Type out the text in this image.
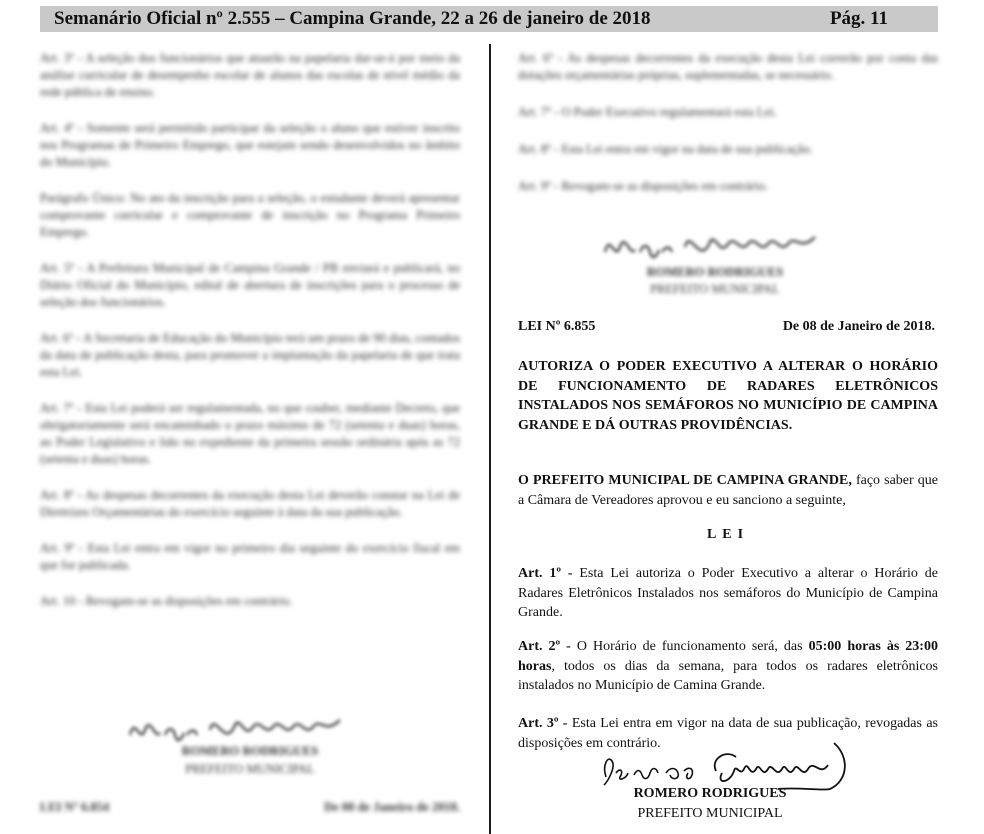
Semanário Oficial nº 2.555 – Campina Grande, 22 a 26 de janeiro de 2018	Pág. 11

Art. 3º - A seleção dos funcionários que atuarão na papelaria dar-se-á por meio da análise curricular de desempenho escolar de alunos das escolas de nível médio da rede pública de ensino.

Art. 4º - Somente será permitido participar da seleção o aluno que estiver inscrito nos Programas de Primeiro Emprego, que estejam sendo desenvolvidos no âmbito do Município.

Parágrafo Único: No ato da inscrição para a seleção, o estudante deverá apresentar comprovante curricular e comprovante de inscrição no Programa Primeiro Emprego.

Art. 5º - A Prefeitura Municipal de Campina Grande / PB enviará e publicará, no Diário Oficial do Município, edital de abertura de inscrições para o processo de seleção dos funcionários.

Art. 6º - A Secretaria de Educação do Município terá um prazo de 90 dias, contados da data de publicação desta, para promover a implantação da papelaria de que trata esta Lei.

Art. 7º - Esta Lei poderá ser regulamentada, no que couber, mediante Decreto, que obrigatoriamente será encaminhado o prazo máximo de 72 (setenta e duas) horas, ao Poder Legislativo e lido no expediente da primeira sessão ordinária após as 72 (setenta e duas) horas.

Art. 8º - As despesas decorrentes da execução desta Lei deverão constar na Lei de Diretrizes Orçamentárias do exercício seguinte à data da sua publicação.

Art. 9º - Esta Lei entra em vigor no primeiro dia seguinte do exercício fiscal em que for publicada.

Art. 10 - Revogam-se as disposições em contrário.

ROMERO RODRIGUES
PREFEITO MUNICIPAL
LEI Nº 6.854	De 08 de Janeiro de 2018.

Art. 6º - As despesas decorrentes da execução desta Lei correrão por conta das dotações orçamentárias próprias, suplementadas, se necessário.

Art. 7º - O Poder Executivo regulamentará esta Lei.

Art. 8º - Esta Lei entra em vigor na data de sua publicação.

Art. 9º - Revogam-se as disposições em contrário.

ROMERO RODRIGUES
PREFEITO MUNICIPAL
LEI Nº 6.855	De 08 de Janeiro de 2018.
AUTORIZA O PODER EXECUTIVO A ALTERAR O HORÁRIO DE FUNCIONAMENTO DE RADARES ELETRÔNICOS INSTALADOS NOS SEMÁFOROS NO MUNICÍPIO DE CAMPINA GRANDE E DÁ OUTRAS PROVIDÊNCIAS.
O PREFEITO MUNICIPAL DE CAMPINA GRANDE, faço saber que a Câmara de Vereadores aprovou e eu sanciono a seguinte,
LEI
Art. 1º - Esta Lei autoriza o Poder Executivo a alterar o Horário de Radares Eletrônicos Instalados nos semáforos do Município de Campina Grande.
Art. 2º - O Horário de funcionamento será, das 05:00 horas às 23:00 horas, todos os dias da semana, para todos os radares eletrônicos instalados no Município de Camina Grande.
Art. 3º - Esta Lei entra em vigor na data de sua publicação, revogadas as disposições em contrário.
ROMERO RODRIGUES
PREFEITO MUNICIPAL
